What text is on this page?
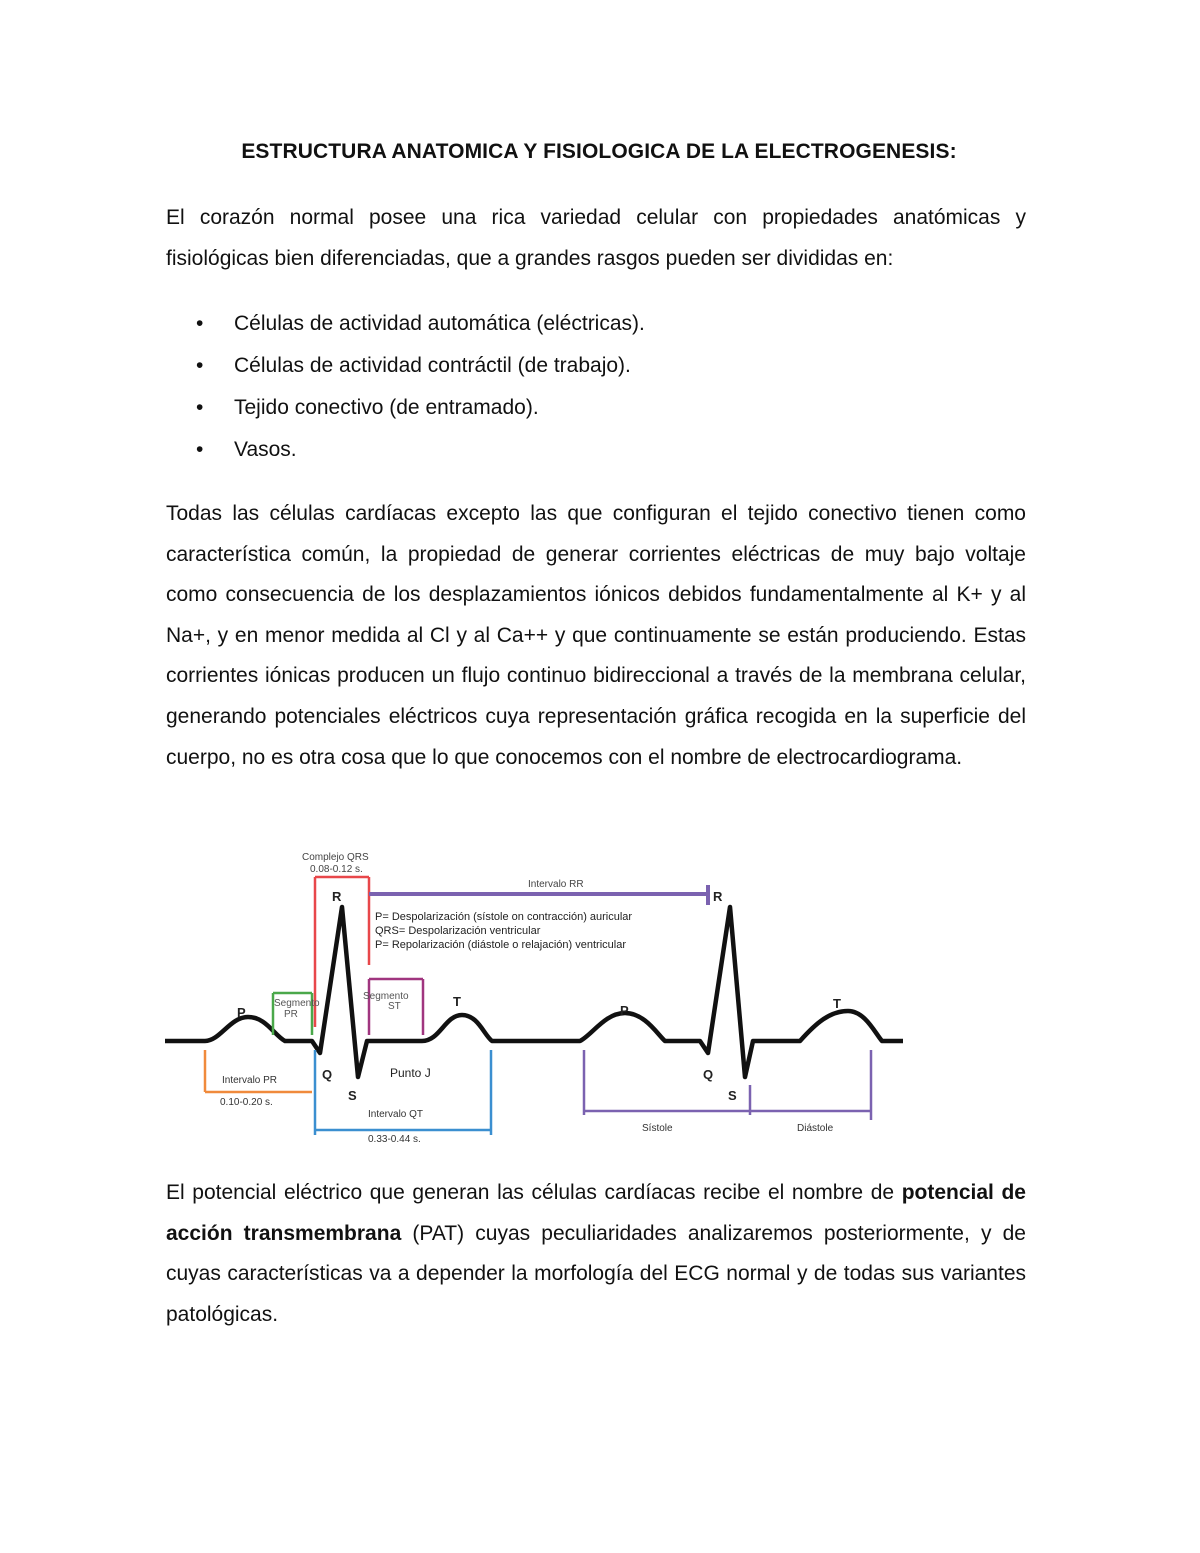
ESTRUCTURA ANATOMICA Y FISIOLOGICA DE LA ELECTROGENESIS:
El corazón normal posee una rica variedad celular con propiedades anatómicas y fisiológicas bien diferenciadas, que a grandes rasgos pueden ser divididas en:
• Células de actividad automática (eléctricas).
• Células de actividad contráctil (de trabajo).
• Tejido conectivo (de entramado).
• Vasos.
Todas las células cardíacas excepto las que configuran el tejido conectivo tienen como característica común, la propiedad de generar corrientes eléctricas de muy bajo voltaje como consecuencia de los desplazamientos iónicos debidos fundamentalmente al K+ y al Na+, y en menor medida al Cl y al Ca++ y que continuamente se están produciendo. Estas corrientes iónicas producen un flujo continuo bidireccional a través de la membrana celular, generando potenciales eléctricos cuya representación gráfica recogida en la superficie del cuerpo, no es otra cosa que lo que conocemos con el nombre de electrocardiograma.
Complejo QRS
0.08-0.12 s.
Intervalo RR
R	R
P= Despolarización (sístole on contracción) auricular
QRS= Despolarización ventricular
P= Repolarización (diástole o relajación) ventricular
Segmento
PR
Segmento
ST
P
T
P	T
Q
S
Q
S
Punto J
Intervalo PR
0.10-0.20 s.
Intervalo QT
0.33-0.44 s.
Sístole	Diástole
El potencial eléctrico que generan las células cardíacas recibe el nombre de potencial de acción transmembrana (PAT) cuyas peculiaridades analizaremos posteriormente, y de cuyas características va a depender la morfología del ECG normal y de todas sus variantes patológicas.
